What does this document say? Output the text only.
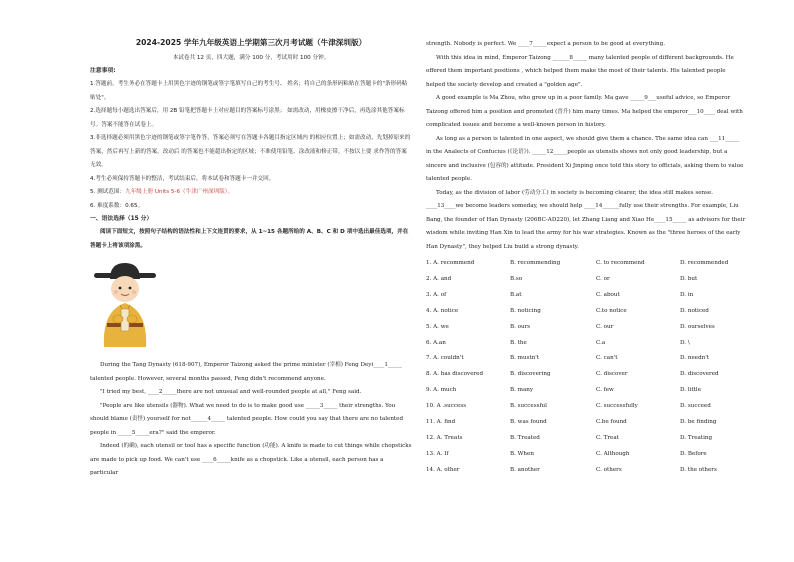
2024-2025 学年九年级英语上学期第三次月考试题（牛津深圳版）
本试卷共 12 页，四大题，满分 100 分，考试用时 100 分钟。
注意事项:

1.答题前，考生务必在答题卡上用黑色字迹的钢笔或签字笔填写自己的考生号、 姓名；将自己的条形码粘贴在答题卡的"条形码粘贴处"。

2.选择题每小题选出答案后，用 2B 铅笔把答题卡上对应题目的答案标号涂黑； 如需改动，用橡皮擦干净后，再选涂其他答案标号。答案不能答在试卷上。

3.非选择题必须用黑色字迹的钢笔或签字笔作答，答案必须写在答题卡各题目指定区域内 的相应位置上；如需改动，先划掉原来的答案，然后再写上新的答案，改动后 的答案也不能超出指定的区域；不准使用铅笔、涂改液和修正带。不按以上要 求作答的答案无效。

4.考生必须保持答题卡的整洁，考试结束后，将本试卷和答题卡一并交回。

5. 测试范围：九年级上册 Units 5-6（牛津广州深圳版）。

6. 难度系数：0.65。

一、语法选择（15 分）

阅读下面短文，按照句子结构的语法性和上下文连贯的要求，从 1~15 各题所给的 A、B、C 和 D 项中选出最佳选项，并在答题卡上将该项涂黑。

During the Tang Dynasty (618-907), Emperor Taizong asked the prime minister (宰相) Feng Deyi____1_____ talented people. However, several months passed, Feng didn't recommend anyone.

"I tried my best, ____2_____there are not unusual and well-rounded people at all," Feng said.

"People are like utensils (器物). What we need to do is to make good use _____3_____ their strengths. You should blame (责怪) yourself for not______4_____ talented people. How could you say that there are no talented people in _____5_____era?" said the emperor.

Indeed (的确), each utensil or tool has a specific function (功能). A knife is made to cut things while chopsticks are made to pick up food. We can't use ____6_____knife as a chopstick. Like a utensil, each person has a particular

strength. Nobody is perfect. We ____7_____expect a person to be good at everything.

With this idea in mind, Emperor Taizong ______8_____ many talented people of different backgrounds. He offered them important positions , which helped them make the most of their talents. His talented people helped the society develop and created a "golden age".

A good example is Ma Zhou, who grew up in a poor family. Ma gave _____9___useful advice, so Emperor Taizong offered him a position and promoted (晋升) him many times. Ma helped the emperor___10____ deal with complicated issues and become a well-known person in history.

As long as a person is talented in one aspect, we should give them a chance. The same idea can ___11_____ in the Analects of Confucius (《论语》). _____12_____people as utensils shows not only good leadership, but a sincere and inclusive (包容的) attitude. President Xi Jinping once told this story to officials, asking them to value talented people.

Today, as the division of labor (劳动分工) in society is becoming clearer, the idea still makes sense. ____13____we become leaders someday, we should help ____14______fully use their strengths. For example, Liu Bang, the founder of Han Dynasty (206BC-AD220), let Zhang Liang and Xiao He____15_____ as advisors for their wisdom while inviting Han Xin to lead the army for his war strategies. Known as the "three heroes of the early Han Dynasty", they helped Liu build a strong dynasty.

1. A. recommend	B. recommending	C. to recommend	D. recommended
2. A. and	B.so	C. or	D. but
3. A. of	B.at	C. about	D. in
4. A. notice	B. noticing	C.to notice	D. noticed
5. A. we	B. ours	C. our	D. ourselves
6. A.an	B. the	C.a	D. \
7. A. couldn't	B. mustn't	C. can't	D. needn't
8. A. has discovered	B. discovering	C. discover	D. discovered
9. A. much	B. many	C. few	D. little
10. A .success	B. successful	C. successfully	D. succeed
11. A. find	B. was found	C.be found	D. be finding
12. A. Treats	B. Treated	C. Treat	D. Treating
13. A. If	B. When	C. Although	D. Before
14. A. other	B. another	C. others	D. the others
